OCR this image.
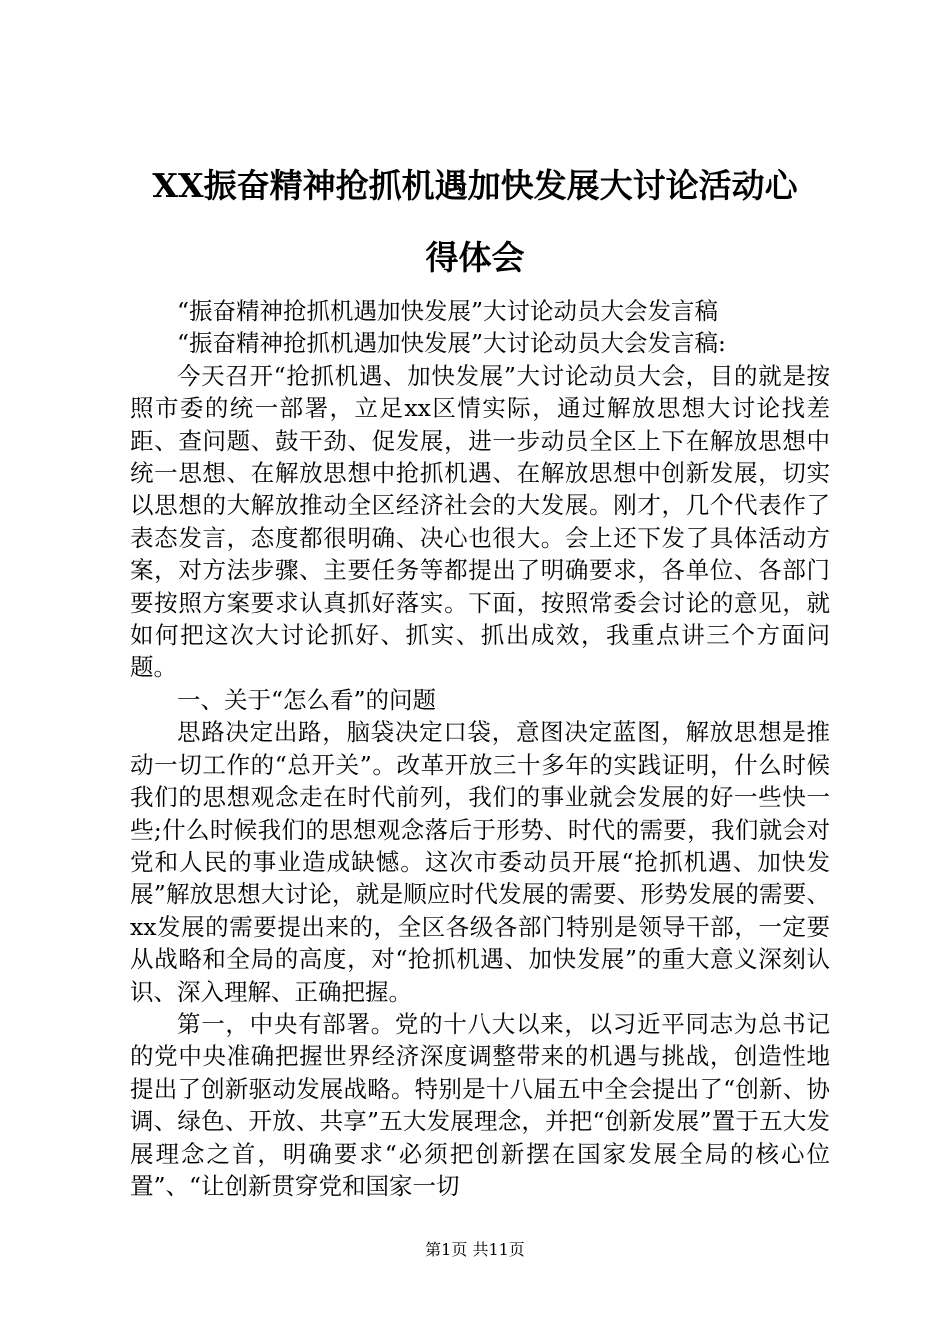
XX振奋精神抢抓机遇加快发展大讨论活动心
得体会

“振奋精神抢抓机遇加快发展”大讨论动员大会发言稿

“振奋精神抢抓机遇加快发展”大讨论动员大会发言稿:

今天召开“抢抓机遇、加快发展”大讨论动员大会，目的就是按照市委的统一部署，立足xx区情实际，通过解放思想大讨论找差距、查问题、鼓干劲、促发展，进一步动员全区上下在解放思想中统一思想、在解放思想中抢抓机遇、在解放思想中创新发展，切实以思想的大解放推动全区经济社会的大发展。刚才，几个代表作了表态发言，态度都很明确、决心也很大。会上还下发了具体活动方案，对方法步骤、主要任务等都提出了明确要求，各单位、各部门要按照方案要求认真抓好落实。下面，按照常委会讨论的意见，就如何把这次大讨论抓好、抓实、抓出成效，我重点讲三个方面问题。

一、关于“怎么看”的问题

思路决定出路，脑袋决定口袋，意图决定蓝图，解放思想是推动一切工作的“总开关”。改革开放三十多年的实践证明，什么时候我们的思想观念走在时代前列，我们的事业就会发展的好一些快一些;什么时候我们的思想观念落后于形势、时代的需要，我们就会对党和人民的事业造成缺憾。这次市委动员开展“抢抓机遇、加快发展”解放思想大讨论，就是顺应时代发展的需要、形势发展的需要、xx发展的需要提出来的，全区各级各部门特别是领导干部，一定要从战略和全局的高度，对“抢抓机遇、加快发展”的重大意义深刻认识、深入理解、正确把握。

第一，中央有部署。党的十八大以来，以习近平同志为总书记的党中央准确把握世界经济深度调整带来的机遇与挑战，创造性地提出了创新驱动发展战略。特别是十八届五中全会提出了“创新、协调、绿色、开放、共享”五大发展理念，并把“创新发展”置于五大发展理念之首，明确要求“必须把创新摆在国家发展全局的核心位置”、“让创新贯穿党和国家一切

第1页 共11页
